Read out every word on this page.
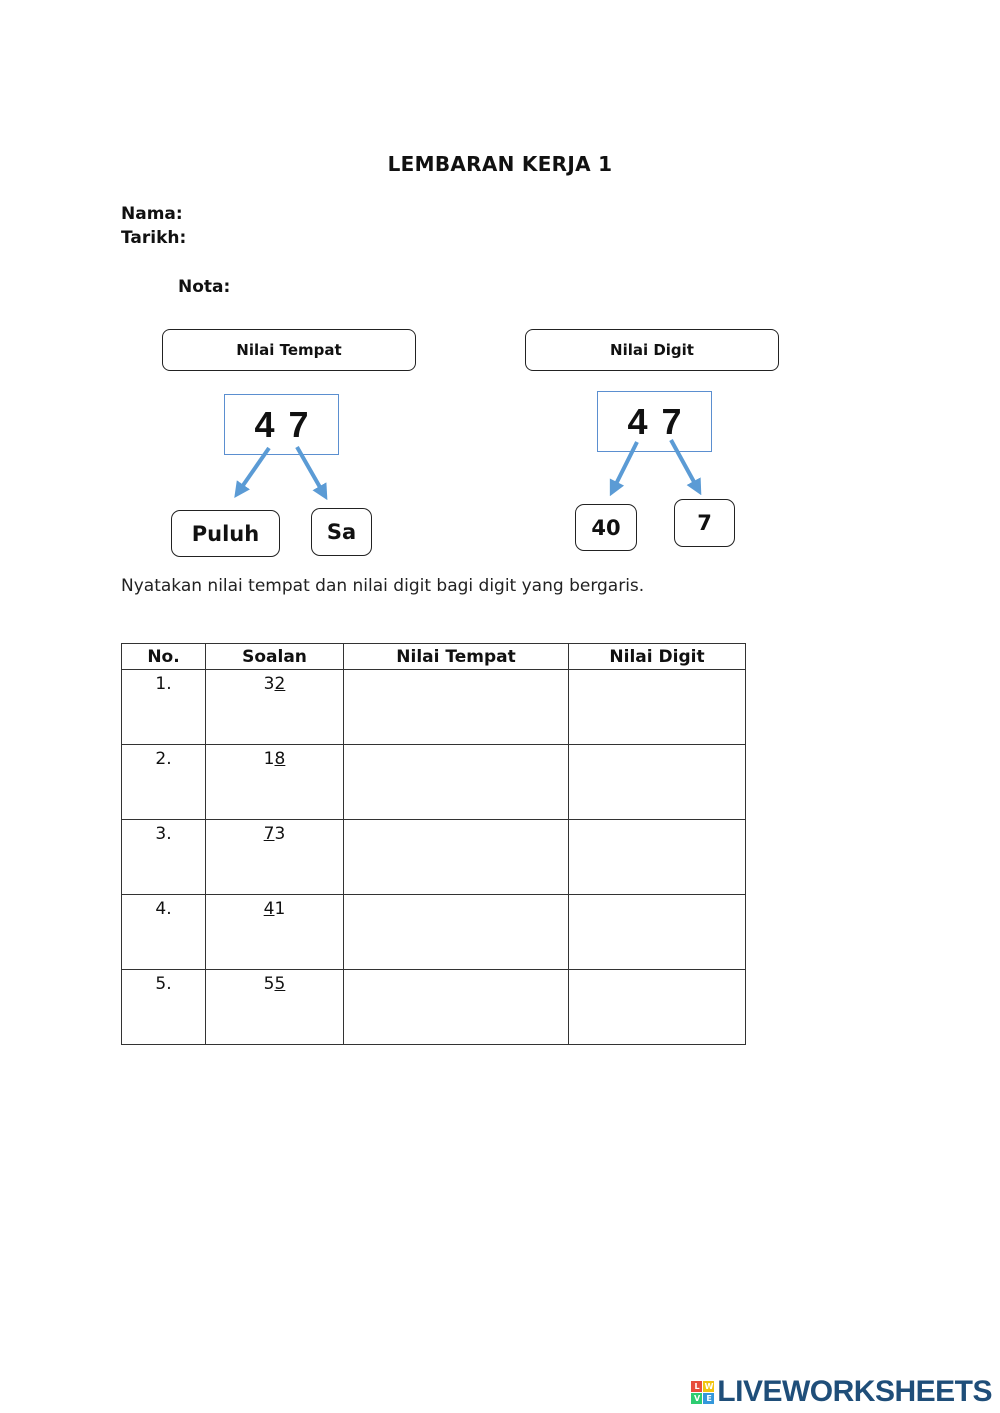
LEMBARAN KERJA 1
Nama:
Tarikh:
Nota:
Nilai Tempat
4 7
Puluh	Sa
Nilai Digit
4 7
40	7
Nyatakan nilai tempat dan nilai digit bagi digit yang bergaris.
No.	Soalan	Nilai Tempat	Nilai Digit
1.	32		
2.	18		
3.	73		
4.	41		
5.	55		
L W
V E LIVEWORKSHEETS
